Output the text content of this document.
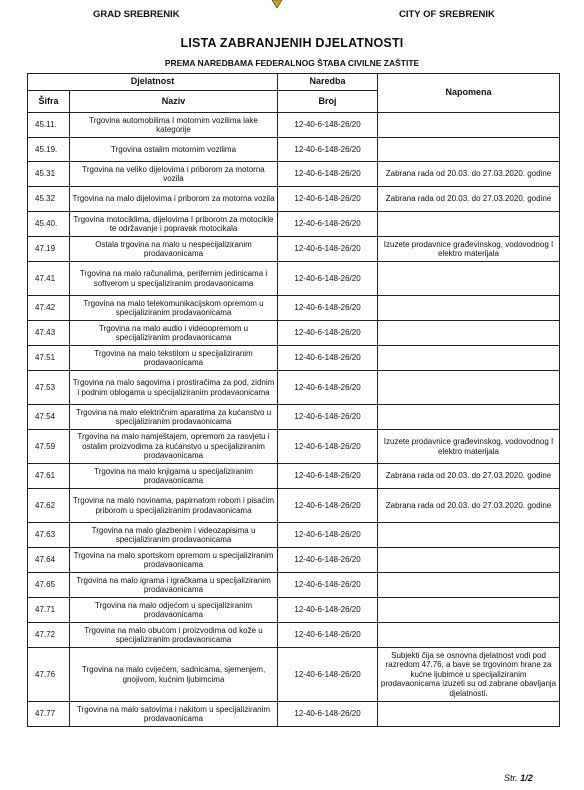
GRAD SREBRENIK	CITY OF SREBRENIK
LISTA ZABRANJENIH DJELATNOSTI
PREMA NAREDBAMA FEDERALNOG ŠTABA CIVILNE ZAŠTITE
Djelatnost		Naredba	Napomena
Šifra	Naziv	Broj	
45.11.	Trgovina automobilima I motornim vozilima lake kategorije	12-40-6-148-26/20	
45.19.	Trgovina ostalim motornim vozilima	12-40-6-148-26/20	
45.31	Trgovina na veliko dijelovima i priborom za motorna vozila	12-40-6-148-26/20	Zabrana rada od 20.03. do 27.03.2020. godine
45.32	Trgovina na malo dijelovima i priborom za motorna vozila	12-40-6-148-26/20	Zabrana rada od 20.03. do 27.03.2020. godine
45.40.	Trgovina motociklima, dijelovima I priborom za motocikle te održavanje i popravak motocikala	12-40-6-148-26/20	
47.19	Ostala trgovina na malo u nespecijaliziranim prodavaonicama	12-40-6-148-26/20	Izuzete prodavnice građevinskog, vodovodnog I elektro materijala
47.41	Trgovina na malo računalima, perifernim jedinicama i softverom u specijaliziranim prodavaonicama	12-40-6-148-26/20	
47.42	Trgovina na malo telekomunikacijskom opremom u specijaliziranim prodavaonicama	12-40-6-148-26/20	
47.43	Trgovina na malo audio i videoopremom u specijaliziranim prodavaonicama	12-40-6-148-26/20	
47.51	Trgovina na malo tekstilom u specijaliziranim prodavaonicama	12-40-6-148-26/20	
47.53	Trgovina na malo sagovima i prostiračima za pod, zidnim i podnim oblogama u specijaliziranim prodavaonicama	12-40-6-148-26/20	
47.54	Trgovina na malo električnim aparatima za kućanstvo u specijaliziranim prodavaonicama	12-40-6-148-26/20	
47.59	Trgovina na malo namještajem, opremom za rasvjetu i ostalim proizvodima za kućanstvo u specijaliziranim prodavaonicama	12-40-6-148-26/20	Izuzete prodavnice građevinskog, vodovodnog I elektro materijala
47.61	Trgovina na malo knjigama u specijaliziranim prodavaonicama	12-40-6-148-26/20	Zabrana rada od 20.03. do 27.03.2020. godine
47.62	Trgovina na malo novinama, papirnatom robom i pisaćim priborom u specijaliziranim prodavaonicama	12-40-6-148-26/20	Zabrana rada od 20.03. do 27.03.2020. godine
47.63	Trgovina na malo glazbenim i videozapisima u specijaliziranim prodavaonicama	12-40-6-148-26/20	
47.64	Trgovina na malo sportskom opremom u specijaliziranim prodavaonicama	12-40-6-148-26/20	
47.65	Trgovina na malo igrama i igračkama u specijaliziranim prodavaonicama	12-40-6-148-26/20	
47.71	Trgovina na malo odjećom u specijaliziranim prodavaonicama	12-40-6-148-26/20	
47.72	Trgovina na malo obućom i proizvodima od kože u specijaliziranim prodavaonicama	12-40-6-148-26/20	
47.76	Trgovina na malo cvijećem, sadnicama, sjemenjem, gnojivom, kućnim ljubimcima	12-40-6-148-26/20	Subjekti čija se osnovna djelatnost vodi pod razredom 47.76, a bave se trgovinom hrane za kućne ljubimce u specijaliziranim prodavaonicama izuzeti su od zabrane obavljanja djelatnosti.
47.77	Trgovina na malo satovima i nakitom u specijaliziranim prodavaonicama	12-40-6-148-26/20	
Str. 1/2
